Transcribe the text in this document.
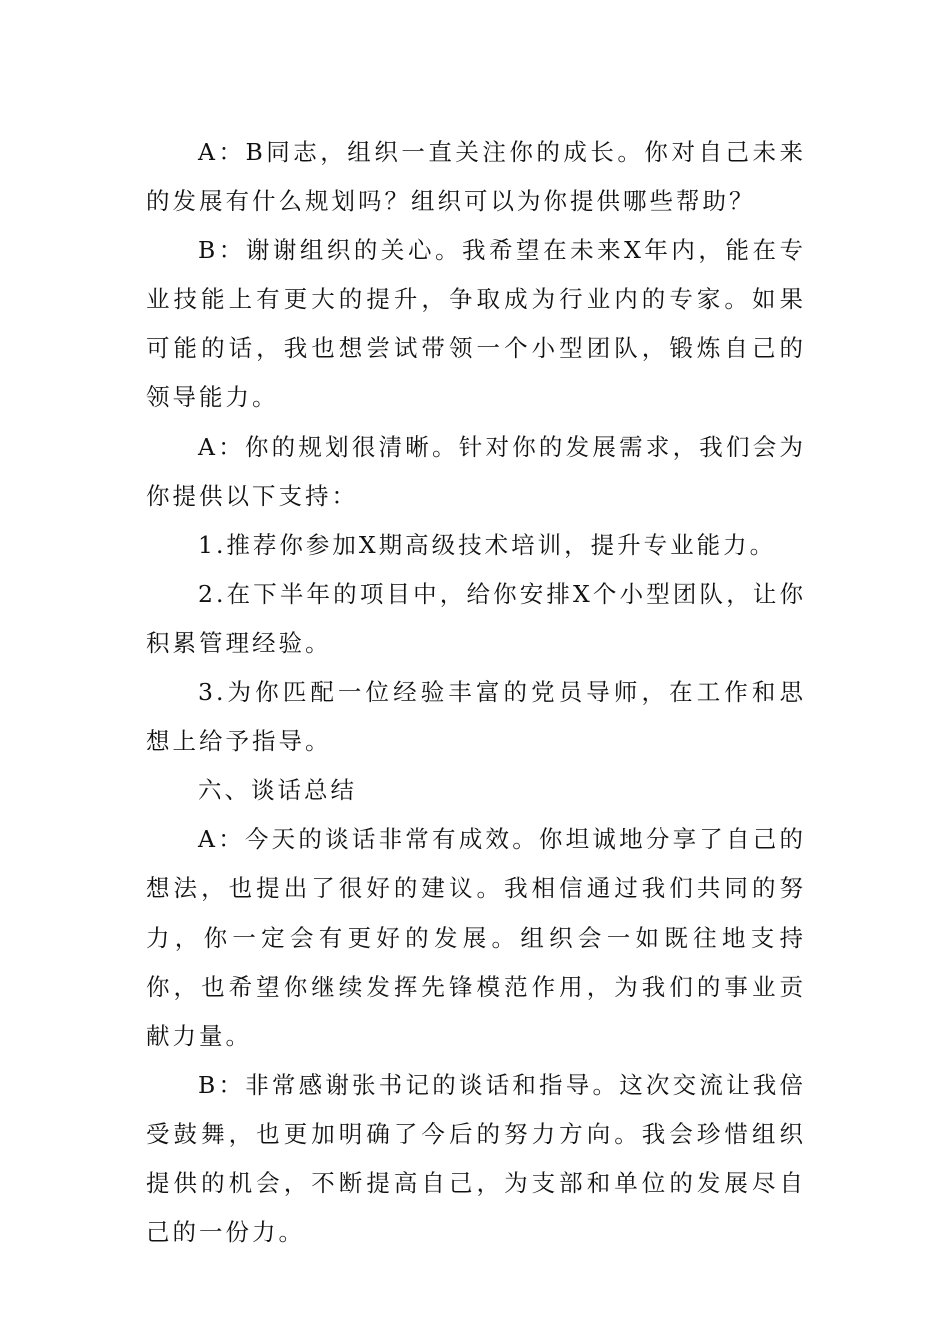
A：B同志，组织一直关注你的成长。你对自己未来的发展有什么规划吗？组织可以为你提供哪些帮助？

B：谢谢组织的关心。我希望在未来X年内，能在专业技能上有更大的提升，争取成为行业内的专家。如果可能的话，我也想尝试带领一个小型团队，锻炼自己的领导能力。

A：你的规划很清晰。针对你的发展需求，我们会为你提供以下支持：

1.推荐你参加X期高级技术培训，提升专业能力。

2.在下半年的项目中，给你安排X个小型团队，让你积累管理经验。

3.为你匹配一位经验丰富的党员导师，在工作和思想上给予指导。

六、谈话总结

A：今天的谈话非常有成效。你坦诚地分享了自己的想法，也提出了很好的建议。我相信通过我们共同的努力，你一定会有更好的发展。组织会一如既往地支持你，也希望你继续发挥先锋模范作用，为我们的事业贡献力量。

B：非常感谢张书记的谈话和指导。这次交流让我倍受鼓舞，也更加明确了今后的努力方向。我会珍惜组织提供的机会，不断提高自己，为支部和单位的发展尽自己的一份力。
